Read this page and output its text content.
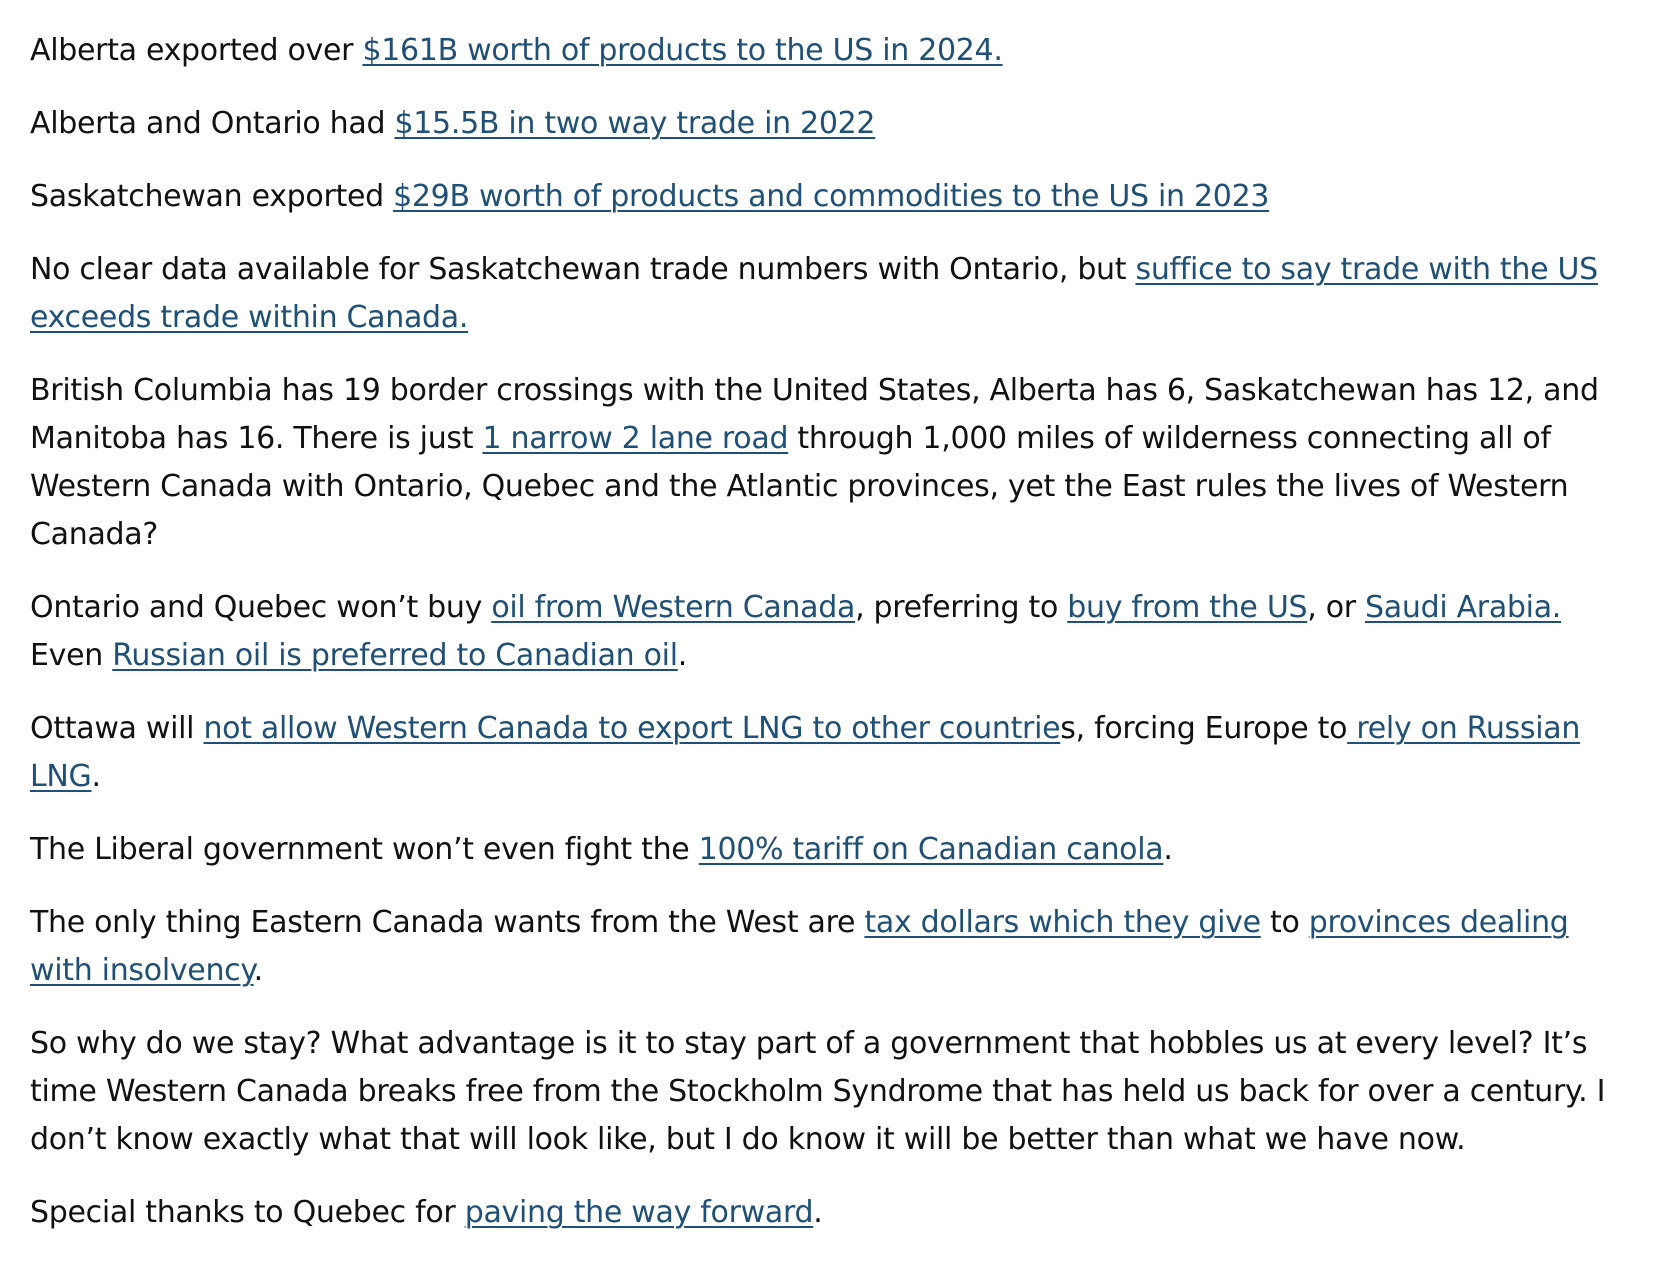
Alberta exported over $161B worth of products to the US in 2024.

Alberta and Ontario had $15.5B in two way trade in 2022

Saskatchewan exported $29B worth of products and commodities to the US in 2023

No clear data available for Saskatchewan trade numbers with Ontario, but suffice to say trade with the US exceeds trade within Canada.

British Columbia has 19 border crossings with the United States, Alberta has 6, Saskatchewan has 12, and Manitoba has 16. There is just 1 narrow 2 lane road through 1,000 miles of wilderness connecting all of Western Canada with Ontario, Quebec and the Atlantic provinces, yet the East rules the lives of Western Canada?

Ontario and Quebec won’t buy oil from Western Canada, preferring to buy from the US, or Saudi Arabia. Even Russian oil is preferred to Canadian oil.

Ottawa will not allow Western Canada to export LNG to other countries, forcing Europe to rely on Russian LNG.

The Liberal government won’t even fight the 100% tariff on Canadian canola.

The only thing Eastern Canada wants from the West are tax dollars which they give to provinces dealing with insolvency.

So why do we stay? What advantage is it to stay part of a government that hobbles us at every level? It’s time Western Canada breaks free from the Stockholm Syndrome that has held us back for over a century. I don’t know exactly what that will look like, but I do know it will be better than what we have now.

Special thanks to Quebec for paving the way forward.
